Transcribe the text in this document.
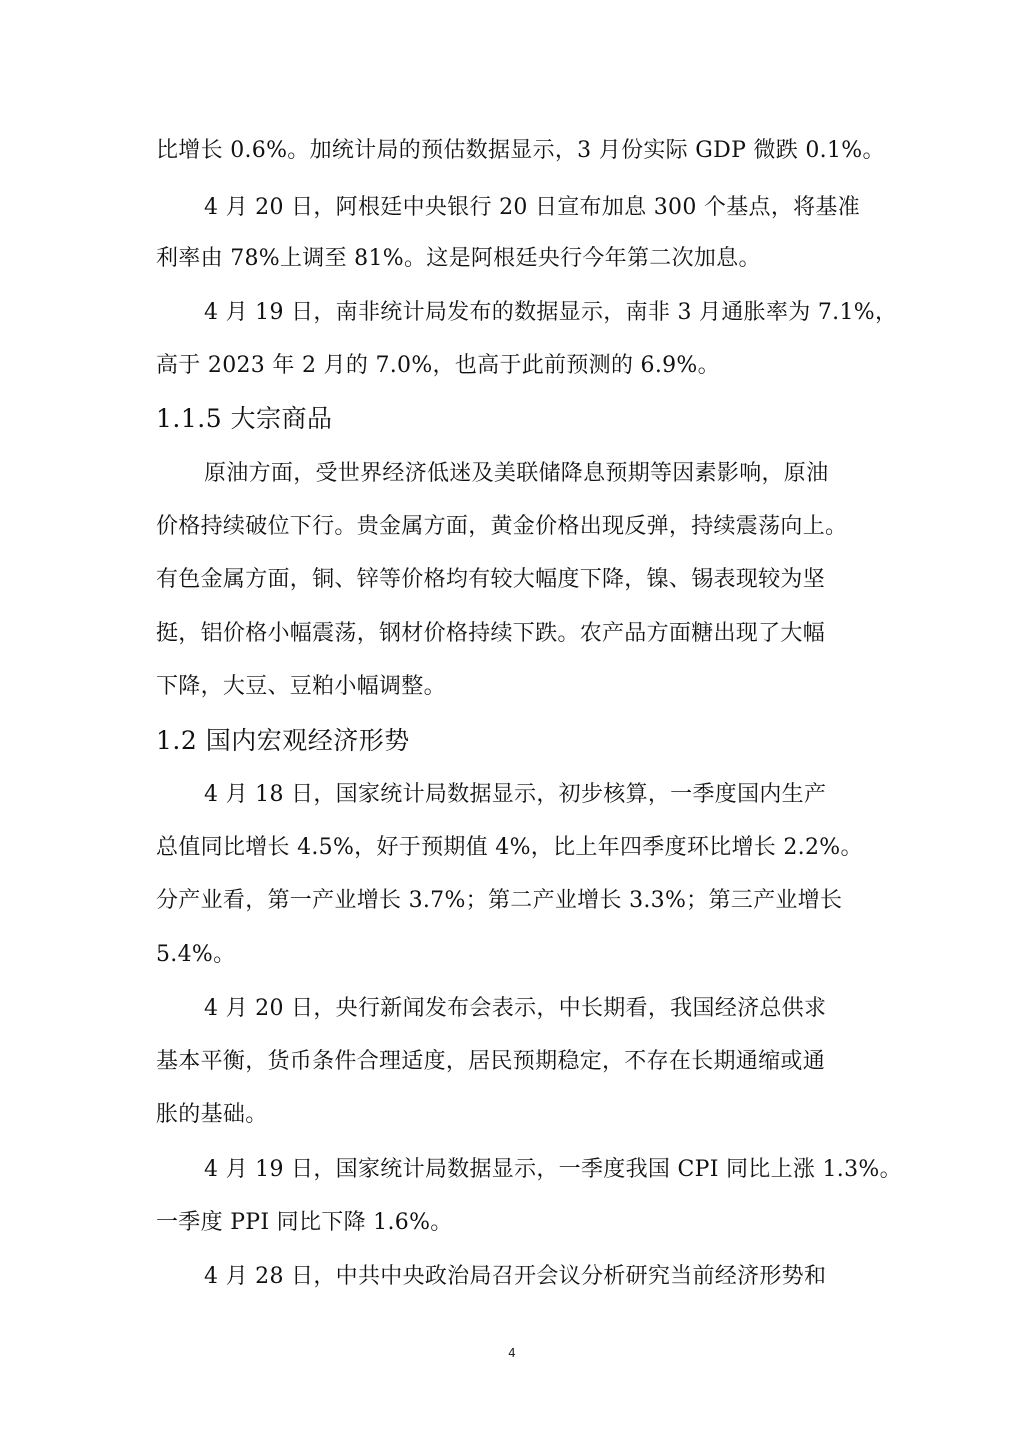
比增长 0.6%。加统计局的预估数据显示，3 月份实际 GDP 微跌 0.1%。
4 月 20 日，阿根廷中央银行 20 日宣布加息 300 个基点，将基准
利率由 78%上调至 81%。这是阿根廷央行今年第二次加息。
4 月 19 日，南非统计局发布的数据显示，南非 3 月通胀率为 7.1%，
高于 2023 年 2 月的 7.0%，也高于此前预测的 6.9%。
1.1.5 大宗商品
原油方面，受世界经济低迷及美联储降息预期等因素影响，原油
价格持续破位下行。贵金属方面，黄金价格出现反弹，持续震荡向上。
有色金属方面，铜、锌等价格均有较大幅度下降，镍、锡表现较为坚
挺，铝价格小幅震荡，钢材价格持续下跌。农产品方面糖出现了大幅
下降，大豆、豆粕小幅调整。
1.2 国内宏观经济形势
4 月 18 日，国家统计局数据显示，初步核算，一季度国内生产
总值同比增长 4.5%，好于预期值 4%，比上年四季度环比增长 2.2%。
分产业看，第一产业增长 3.7%；第二产业增长 3.3%；第三产业增长
5.4%。
4 月 20 日，央行新闻发布会表示，中长期看，我国经济总供求
基本平衡，货币条件合理适度，居民预期稳定，不存在长期通缩或通
胀的基础。
4 月 19 日，国家统计局数据显示，一季度我国 CPI 同比上涨 1.3%。
一季度 PPI 同比下降 1.6%。
4 月 28 日，中共中央政治局召开会议分析研究当前经济形势和
4
